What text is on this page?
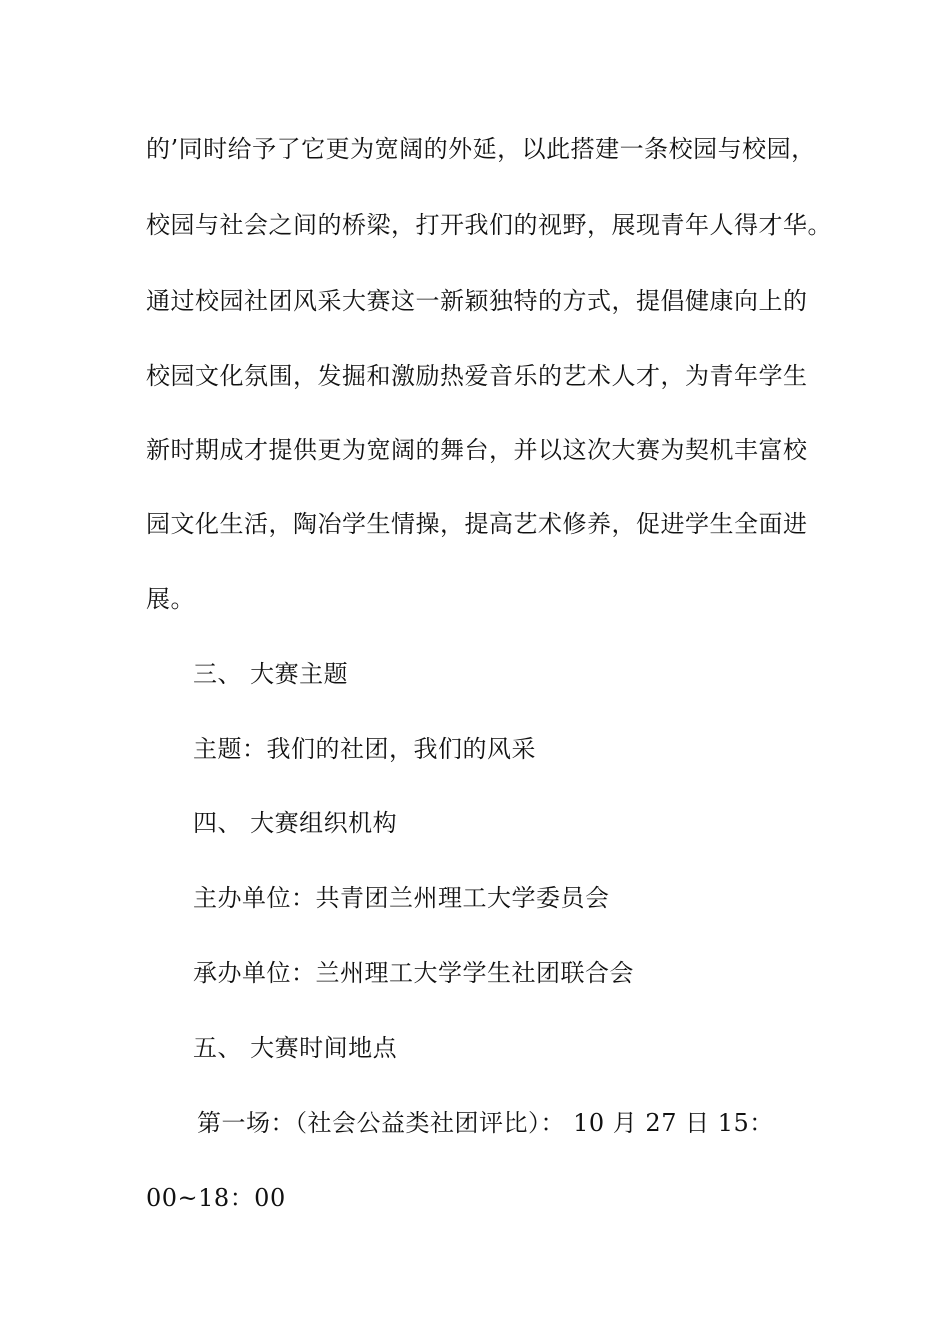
的’同时给予了它更为宽阔的外延，以此搭建一条校园与校园，
校园与社会之间的桥梁，打开我们的视野，展现青年人得才华。
通过校园社团风采大赛这一新颖独特的方式，提倡健康向上的
校园文化氛围，发掘和激励热爱音乐的艺术人才，为青年学生
新时期成才提供更为宽阔的舞台，并以这次大赛为契机丰富校
园文化生活，陶冶学生情操，提高艺术修养，促进学生全面进
展。
三、 大赛主题
主题：我们的社团，我们的风采
四、 大赛组织机构
主办单位：共青团兰州理工大学委员会
承办单位：兰州理工大学学生社团联合会
五、 大赛时间地点
第一场：（社会公益类社团评比）： 10 月 27 日 15：
00~18：00
